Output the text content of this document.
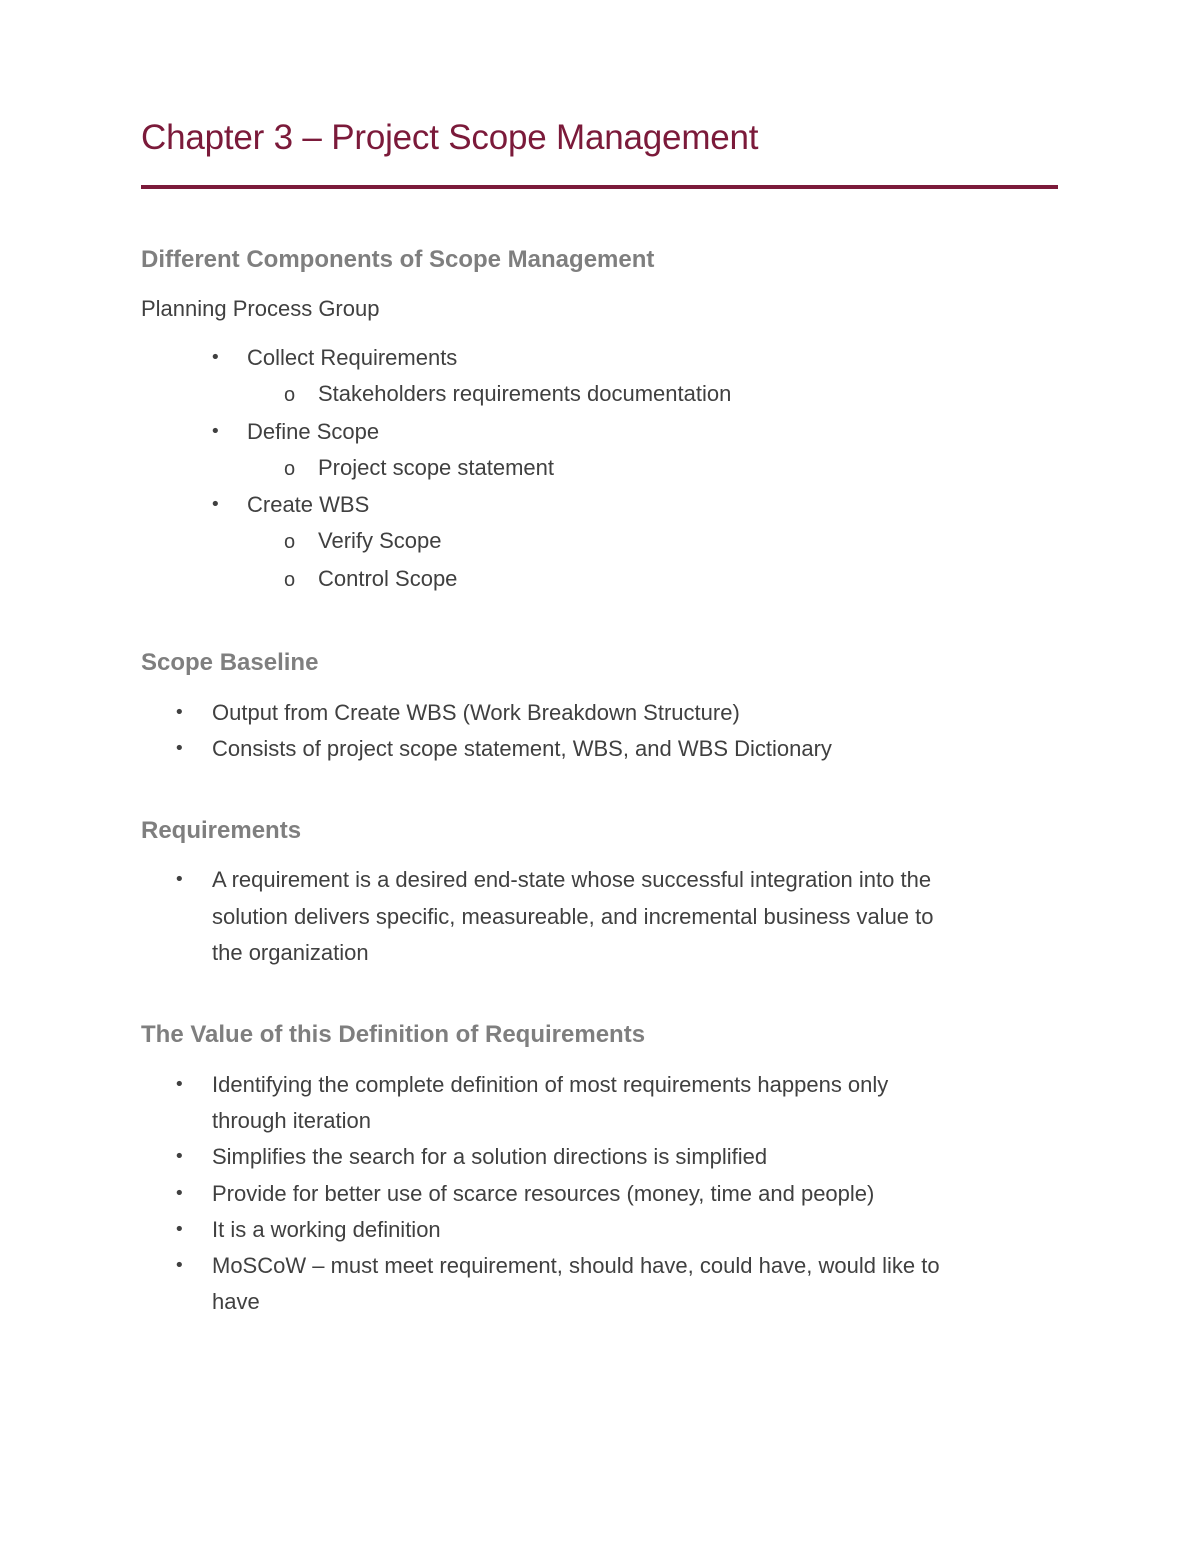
Chapter 3 – Project Scope Management
Different Components of Scope Management
Planning Process Group
• Collect Requirements
o Stakeholders requirements documentation
• Define Scope
o Project scope statement
• Create WBS
o Verify Scope
o Control Scope
Scope Baseline
• Output from Create WBS (Work Breakdown Structure)
• Consists of project scope statement, WBS, and WBS Dictionary
Requirements
• A requirement is a desired end-state whose successful integration into the
solution delivers specific, measureable, and incremental business value to
the organization
The Value of this Definition of Requirements
• Identifying the complete definition of most requirements happens only
through iteration
• Simplifies the search for a solution directions is simplified
• Provide for better use of scarce resources (money, time and people)
• It is a working definition
• MoSCoW – must meet requirement, should have, could have, would like to
have
